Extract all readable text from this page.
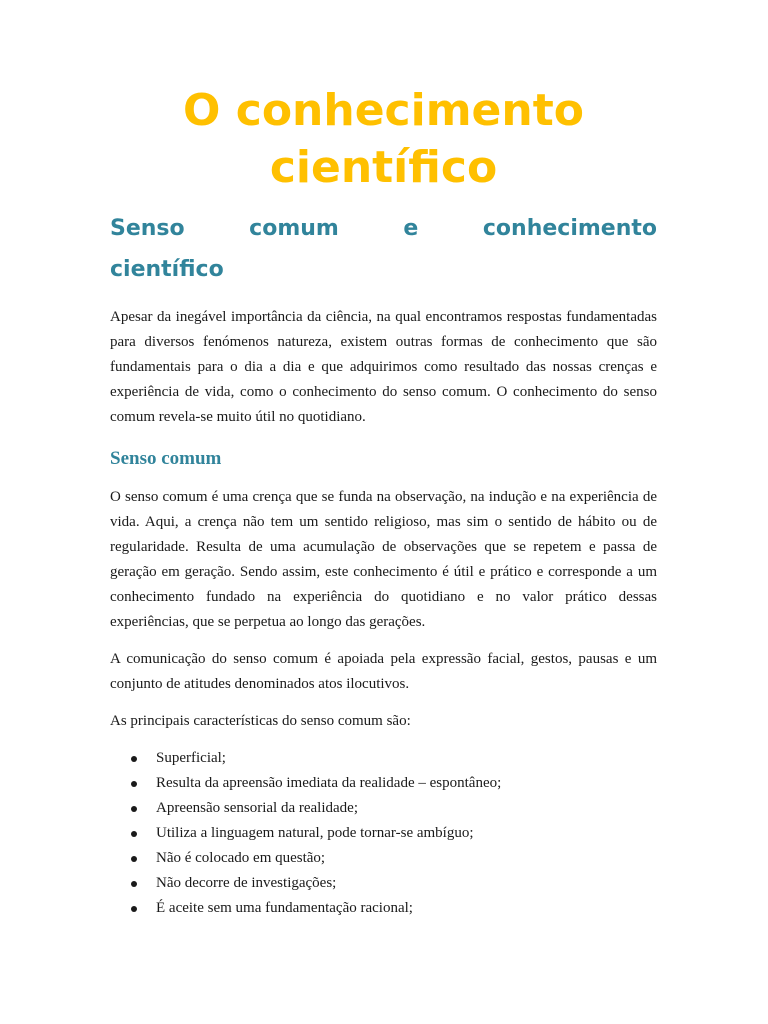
O conhecimento científico
Senso comum e conhecimento
científico

Apesar da inegável importância da ciência, na qual encontramos respostas fundamentadas para diversos fenómenos natureza, existem outras formas de conhecimento que são fundamentais para o dia a dia e que adquirimos como resultado das nossas crenças e experiência de vida, como o conhecimento do senso comum. O conhecimento do senso comum revela-se muito útil no quotidiano.

Senso comum

O senso comum é uma crença que se funda na observação, na indução e na experiência de vida. Aqui, a crença não tem um sentido religioso, mas sim o sentido de hábito ou de regularidade. Resulta de uma acumulação de observações que se repetem e passa de geração em geração. Sendo assim, este conhecimento é útil e prático e corresponde a um conhecimento fundado na experiência do quotidiano e no valor prático dessas experiências, que se perpetua ao longo das gerações.

A comunicação do senso comum é apoiada pela expressão facial, gestos, pausas e um conjunto de atitudes denominados atos ilocutivos.

As principais características do senso comum são:

Superficial;
Resulta da apreensão imediata da realidade – espontâneo;
Apreensão sensorial da realidade;
Utiliza a linguagem natural, pode tornar-se ambíguo;
Não é colocado em questão;
Não decorre de investigações;
É aceite sem uma fundamentação racional;
